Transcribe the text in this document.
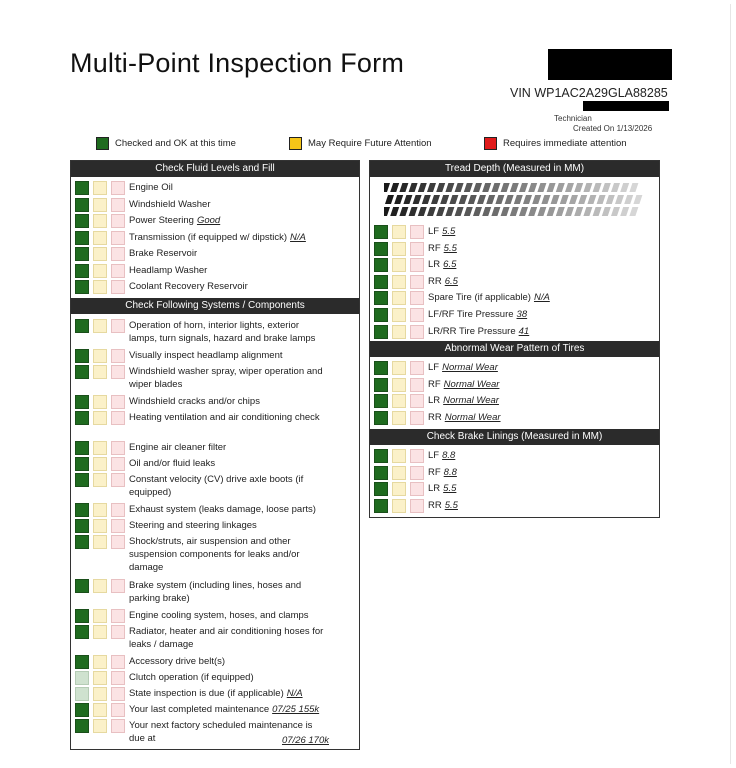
Multi-Point Inspection Form
VIN WP1AC2A29GLA88285
Technician
Created On 1/13/2026
Checked and OK at this time	May Require Future Attention	Requires immediate attention
Check Fluid Levels and Fill
Engine Oil
Windshield Washer
Power Steering Good
Transmission (if equipped w/ dipstick) N/A
Brake Reservoir
Headlamp Washer
Coolant Recovery Reservoir
Check Following Systems / Components
Operation of horn, interior lights, exterior lamps, turn signals, hazard and brake lamps
Visually inspect headlamp alignment
Windshield washer spray, wiper operation and wiper blades
Windshield cracks and/or chips
Heating ventilation and air conditioning check
Engine air cleaner filter
Oil and/or fluid leaks
Constant velocity (CV) drive axle boots (if equipped)
Exhaust system (leaks damage, loose parts)
Steering and steering linkages
Shock/struts, air suspension and other suspension components for leaks and/or damage
Brake system (including lines, hoses and parking brake)
Engine cooling system, hoses, and clamps
Radiator, heater and air conditioning hoses for leaks / damage
Accessory drive belt(s)
Clutch operation (if equipped)
State inspection is due (if applicable) N/A
Your last completed maintenance 07/25 155k
Your next factory scheduled maintenance is due at	07/26 170k
Tread Depth (Measured in MM)
LF 5.5
RF 5.5
LR 6.5
RR 6.5
Spare Tire (if applicable) N/A
LF/RF Tire Pressure 38
LR/RR Tire Pressure 41
Abnormal Wear Pattern of Tires
LF Normal Wear
RF Normal Wear
LR Normal Wear
RR Normal Wear
Check Brake Linings (Measured in MM)
LF 8.8
RF 8.8
LR 5.5
RR 5.5
